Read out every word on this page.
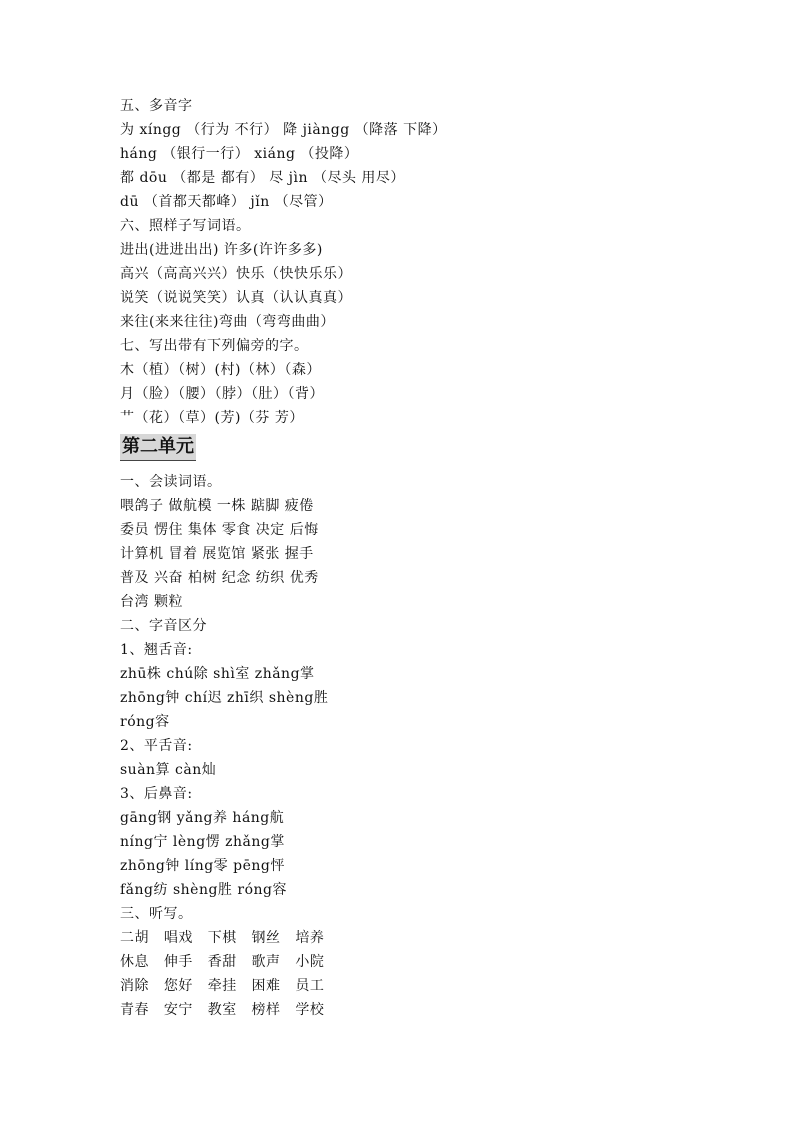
五、多音字
为 xíngg （行为 不行） 降 jiàngg （降落 下降）
háng （银行一行） xiáng （投降）
都 dōu （都是 都有） 尽 jìn （尽头 用尽）
dū （首都天都峰） jǐn （尽管）
六、照样子写词语。
进出(进进出出) 许多(许许多多)
高兴（高高兴兴）快乐（快快乐乐）
说笑（说说笑笑）认真（认认真真）
来往(来来往往)弯曲（弯弯曲曲）
七、写出带有下列偏旁的字。
木（植）（树）(村)（林）（森）
月（脸）（腰）（脖）（肚）（背）
艹（花）（草）(芳)（芬 芳）
第二单元
一、会读词语。
喂鸽子 做航模 一株 踮脚 疲倦
委员 愣住 集体 零食 决定 后悔
计算机 冒着 展览馆 紧张 握手
普及 兴奋 柏树 纪念 纺织 优秀
台湾 颗粒
二、字音区分
1、翘舌音:
zhū株 chú除 shì室 zhǎng掌
zhōng钟 chí迟 zhī织 shèng胜
róng容
2、平舌音:
suàn算 càn灿
3、后鼻音:
gāng钢 yǎng养 háng航
níng宁 lèng愣 zhǎng掌
zhōng钟 líng零 pēng怦
fǎng纺 shèng胜 róng容
三、听写。
二胡   唱戏   下棋   钢丝   培养
休息   伸手   香甜   歌声   小院
消除   您好   牵挂   困难   员工
青春   安宁   教室   榜样   学校
